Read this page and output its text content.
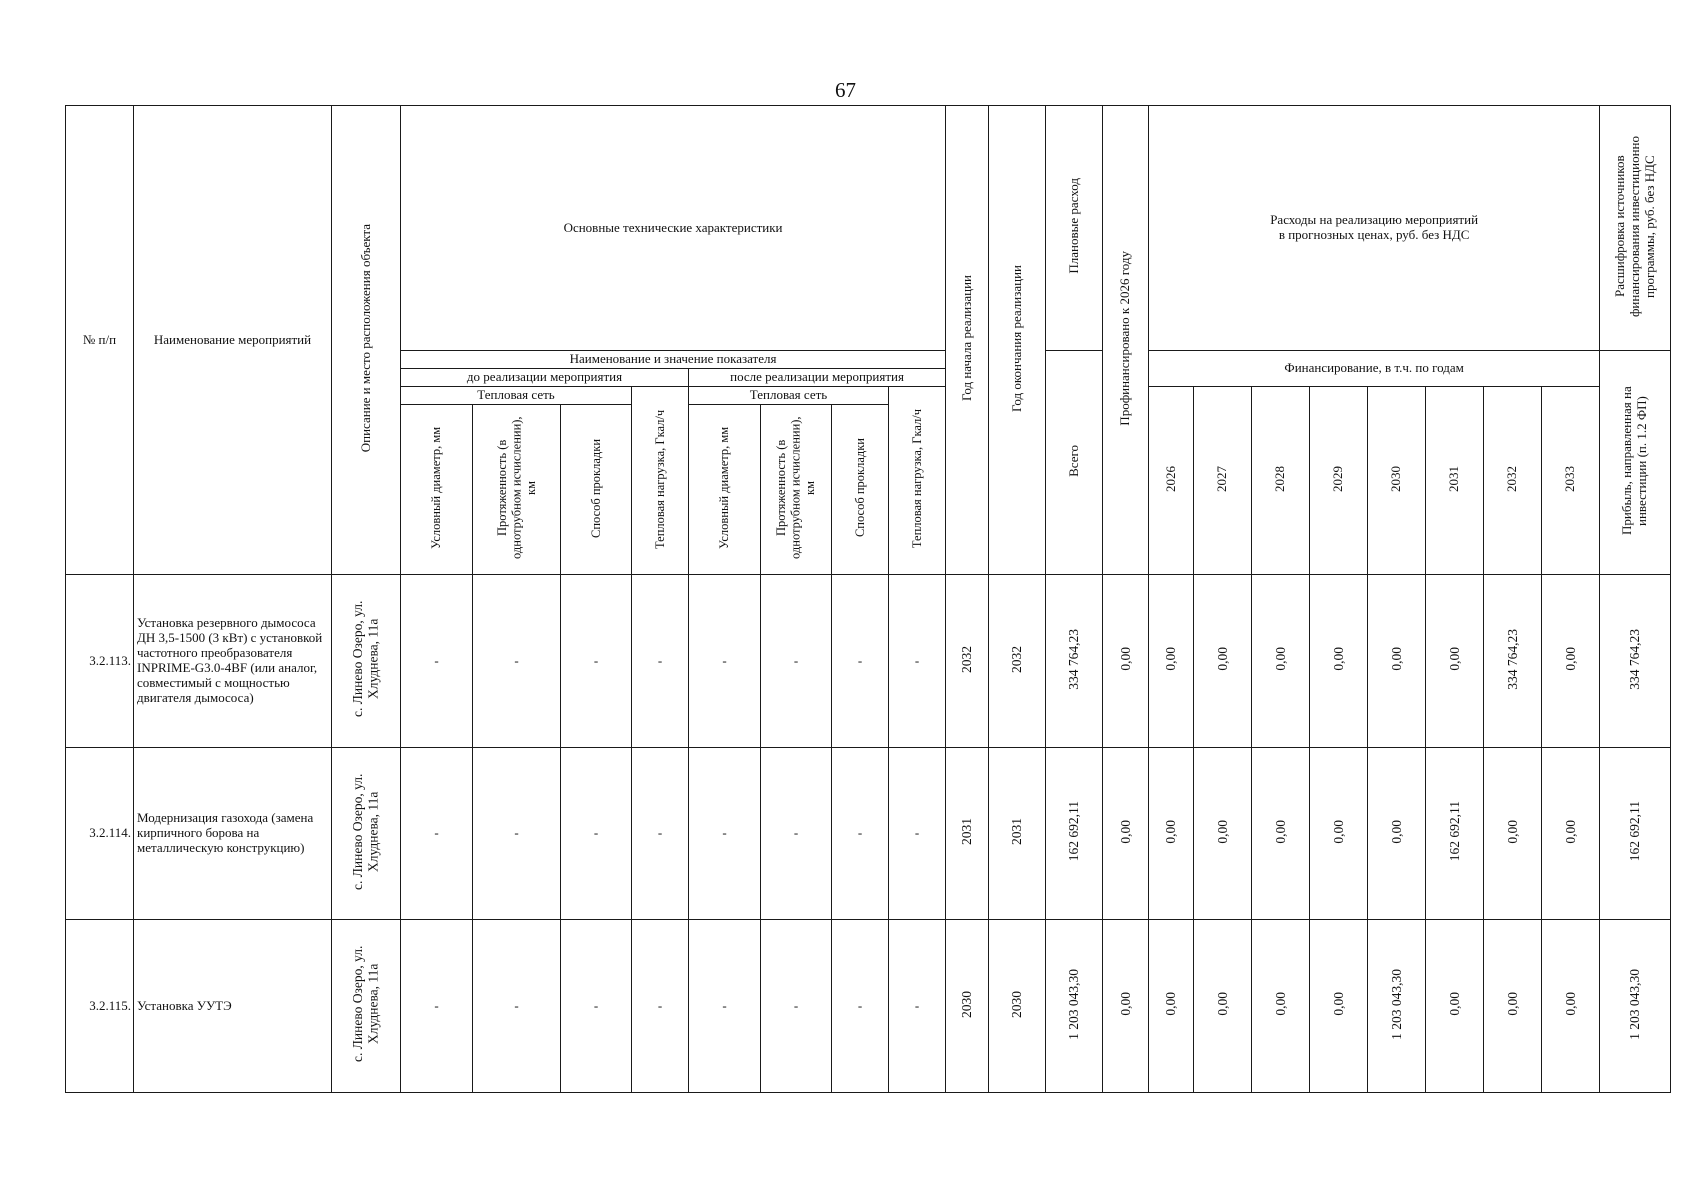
67
№ п/п	Наименование мероприятий	Описание и место расположения объекта	Основные технические характеристики								Год начала реализации	Год окончания реализации	Плановые расход	Профинансировано к 2026 году	Расходы на реализацию мероприятий в прогнозных ценах, руб. без НДС								Расшифровка источников финансирования инвестиционно программы, руб. без НДС
			Наименование и значение показателя										Всего		Финансирование, в т.ч. по годам								Прибыль, направленная на инвестиции (п. 1.2 ФП)
			до реализации мероприятия				после реализации мероприятия																
			Тепловая сеть			Тепловая нагрузка, Гкал/ч	Тепловая сеть			Тепловая нагрузка, Гкал/ч					2026	2027	2028	2029	2030	2031	2032	2033	
			Условный диаметр, мм	Протяженность (в однотрубном исчислении), км	Способ прокладки		Условный диаметр, мм	Протяженность (в однотрубном исчислении), км	Способ прокладки														
3.2.113.	Установка резервного дымососа ДН 3,5-1500 (3 кВт) с установкой частотного преобразователя INPRIME-G3.0-4BF (или аналог, совместимый с мощностью двигателя дымососа)	с. Линево Озеро, ул. Хлуднева, 11а	-	-	-	-	-	-	-	-	2032	2032	334 764,23	0,00	0,00	0,00	0,00	0,00	0,00	0,00	334 764,23	0,00	334 764,23
3.2.114.	Модернизация газохода (замена кирпичного борова на металлическую конструкцию)	с. Линево Озеро, ул. Хлуднева, 11а	-	-	-	-	-	-	-	-	2031	2031	162 692,11	0,00	0,00	0,00	0,00	0,00	0,00	162 692,11	0,00	0,00	162 692,11
3.2.115.	Установка УУТЭ	с. Линево Озеро, ул. Хлуднева, 11а	-	-	-	-	-	-	-	-	2030	2030	1 203 043,30	0,00	0,00	0,00	0,00	0,00	1 203 043,30	0,00	0,00	0,00	1 203 043,30
